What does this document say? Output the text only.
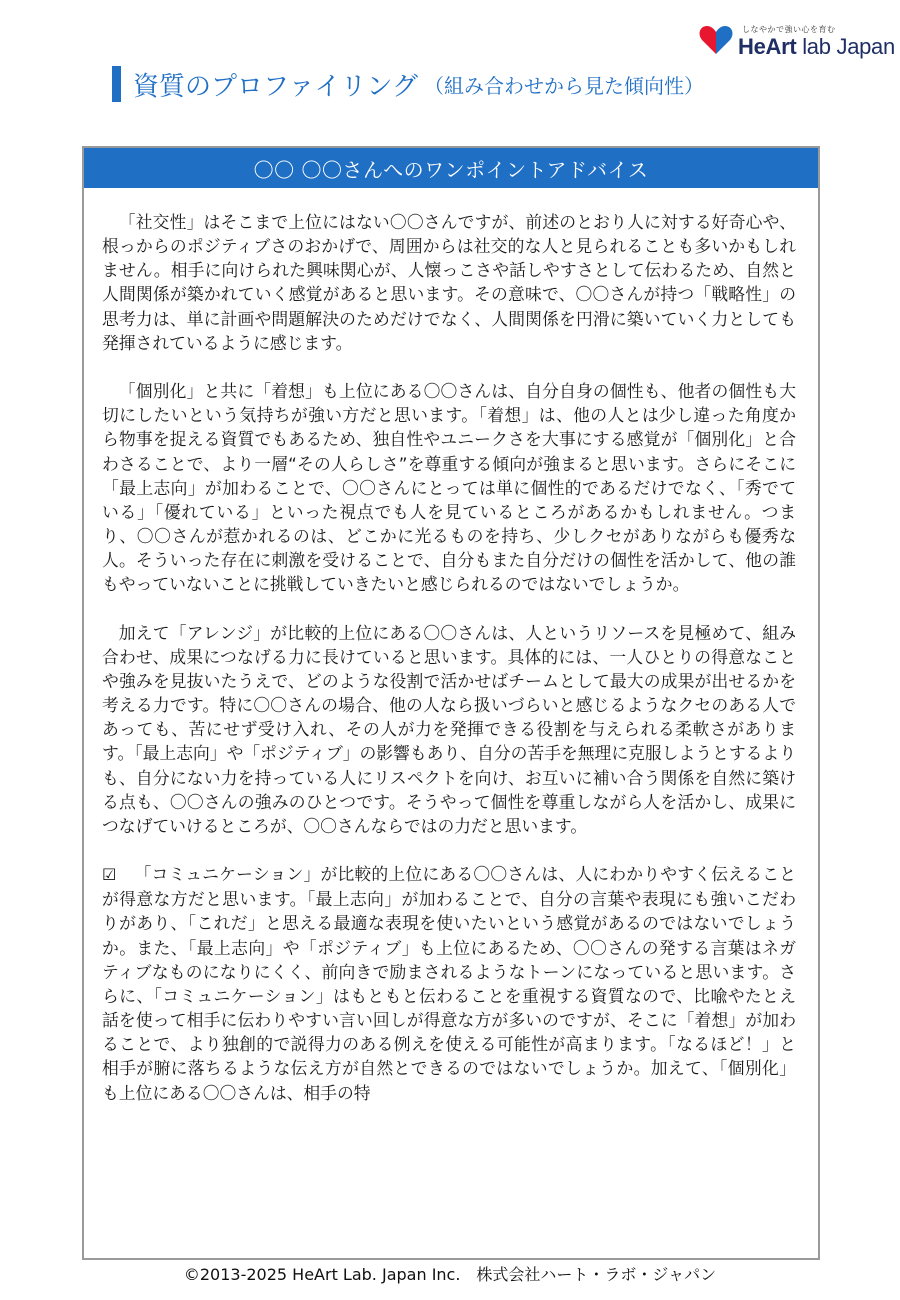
しなやかで強い心を育む
HeArt lab Japan
資質のプロファイリング （組み合わせから見た傾向性）
〇〇 〇〇さんへのワンポイントアドバイス

「社交性」はそこまで上位にはない〇〇さんですが、前述のとおり人に対する好奇心や、根っからのポジティブさのおかげで、周囲からは社交的な人と見られることも多いかもしれません。相手に向けられた興味関心が、人懐っこさや話しやすさとして伝わるため、自然と人間関係が築かれていく感覚があると思います。その意味で、〇〇さんが持つ「戦略性」の思考力は、単に計画や問題解決のためだけでなく、人間関係を円滑に築いていく力としても発揮されているように感じます。

「個別化」と共に「着想」も上位にある〇〇さんは、自分自身の個性も、他者の個性も大切にしたいという気持ちが強い方だと思います。「着想」は、他の人とは少し違った角度から物事を捉える資質でもあるため、独自性やユニークさを大事にする感覚が「個別化」と合わさることで、より一層“その人らしさ”を尊重する傾向が強まると思います。さらにそこに「最上志向」が加わることで、〇〇さんにとっては単に個性的であるだけでなく、「秀でている」「優れている」といった視点でも人を見ているところがあるかもしれません。つまり、〇〇さんが惹かれるのは、どこかに光るものを持ち、少しクセがありながらも優秀な人。そういった存在に刺激を受けることで、自分もまた自分だけの個性を活かして、他の誰もやっていないことに挑戦していきたいと感じられるのではないでしょうか。

加えて「アレンジ」が比較的上位にある〇〇さんは、人というリソースを見極めて、組み合わせ、成果につなげる力に長けていると思います。具体的には、一人ひとりの得意なことや強みを見抜いたうえで、どのような役割で活かせばチームとして最大の成果が出せるかを考える力です。特に〇〇さんの場合、他の人なら扱いづらいと感じるようなクセのある人であっても、苦にせず受け入れ、その人が力を発揮できる役割を与えられる柔軟さがあります。「最上志向」や「ポジティブ」の影響もあり、自分の苦手を無理に克服しようとするよりも、自分にない力を持っている人にリスペクトを向け、お互いに補い合う関係を自然に築ける点も、〇〇さんの強みのひとつです。そうやって個性を尊重しながら人を活かし、成果につなげていけるところが、〇〇さんならではの力だと思います。

☑ 「コミュニケーション」が比較的上位にある〇〇さんは、人にわかりやすく伝えることが得意な方だと思います。「最上志向」が加わることで、自分の言葉や表現にも強いこだわりがあり、「これだ」と思える最適な表現を使いたいという感覚があるのではないでしょうか。また、「最上志向」や「ポジティブ」も上位にあるため、〇〇さんの発する言葉はネガティブなものになりにくく、前向きで励まされるようなトーンになっていると思います。さらに、「コミュニケーション」はもともと伝わることを重視する資質なので、比喩やたとえ話を使って相手に伝わりやすい言い回しが得意な方が多いのですが、そこに「着想」が加わることで、より独創的で説得力のある例えを使える可能性が高まります。「なるほど！」と相手が腑に落ちるような伝え方が自然とできるのではないでしょうか。加えて、「個別化」も上位にある〇〇さんは、相手の特

©2013-2025 HeArt Lab. Japan Inc.　株式会社ハート・ラボ・ジャパン
